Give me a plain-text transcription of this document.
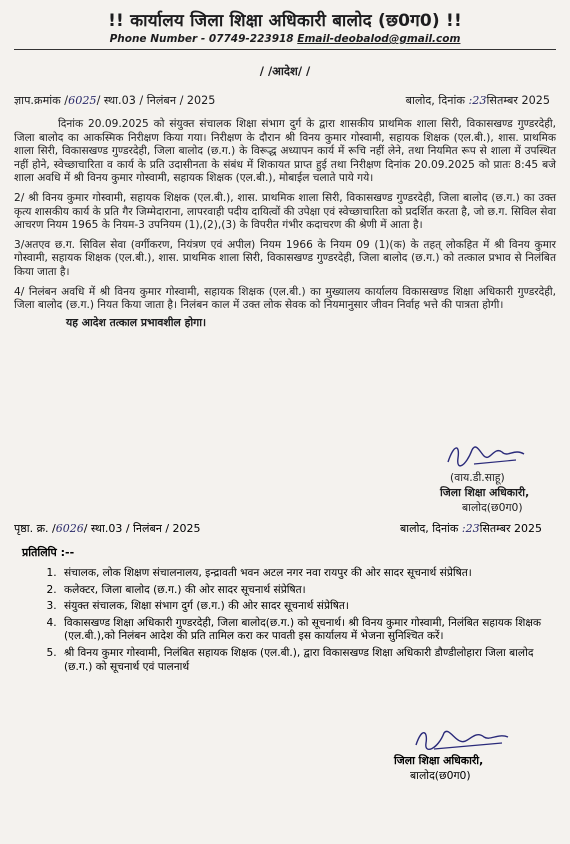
!! कार्यालय जिला शिक्षा अधिकारी बालोद (छ0ग0) !!
Phone Number - 07749-223918 Email-deobalod@gmail.com
/ /आदेश/ /
ज्ञाप.क्रमांक /6025/ स्था.03 / निलंबन / 2025	बालोद, दिनांक :23सितम्बर 2025

दिनांक 20.09.2025 को संयुक्त संचालक शिक्षा संभाग दुर्ग के द्वारा शासकीय प्राथमिक शाला सिरी, विकासखण्ड गुण्डरदेही, जिला बालोद का आकस्मिक निरीक्षण किया गया। निरीक्षण के दौरान श्री विनय कुमार गोस्वामी, सहायक शिक्षक (एल.बी.), शास. प्राथमिक शाला सिरी, विकासखण्ड गुण्डरदेही, जिला बालोद (छ.ग.) के विरूद्ध अध्यापन कार्य में रूचि नहीं लेने, तथा नियमित रूप से शाला में उपस्थित नहीं होने, स्वेच्छाचारिता व कार्य के प्रति उदासीनता के संबंध में शिकायत प्राप्त हुई तथा निरीक्षण दिनांक 20.09.2025 को प्रातः 8:45 बजे शाला अवधि में श्री विनय कुमार गोस्वामी, सहायक शिक्षक (एल.बी.), मोबाईल चलाते पाये गये।

2/ श्री विनय कुमार गोस्वामी, सहायक शिक्षक (एल.बी.), शास. प्राथमिक शाला सिरी, विकासखण्ड गुण्डरदेही, जिला बालोद (छ.ग.) का उक्त कृत्य शासकीय कार्य के प्रति गैर जिम्मेदाराना, लापरवाही पदीय दायित्वों की उपेक्षा एवं स्वेच्छाचारिता को प्रदर्शित करता है, जो छ.ग. सिविल सेवा आचरण नियम 1965 के नियम-3 उपनियम (1),(2),(3) के विपरीत गंभीर कदाचरण की श्रेणी में आता है।

3/अतएव छ.ग. सिविल सेवा (वर्गीकरण, नियंत्रण एवं अपील) नियम 1966 के नियम 09 (1)(क) के तहत् लोकहित में श्री विनय कुमार गोस्वामी, सहायक शिक्षक (एल.बी.), शास. प्राथमिक शाला सिरी, विकासखण्ड गुण्डरदेही, जिला बालोद (छ.ग.) को तत्काल प्रभाव से निलंबित किया जाता है।

4/ निलंबन अवधि में श्री विनय कुमार गोस्वामी, सहायक शिक्षक (एल.बी.) का मुख्यालय कार्यालय विकासखण्ड शिक्षा अधिकारी गुण्डरदेही, जिला बालोद (छ.ग.) नियत किया जाता है। निलंबन काल में उक्त लोक सेवक को नियमानुसार जीवन निर्वाह भत्ते की पात्रता होगी।

यह आदेश तत्काल प्रभावशील होगा।
(वाय.डी.साहू)
जिला शिक्षा अधिकारी,
बालोद(छ0ग0)
पृष्ठा. क्र. /6026/ स्था.03 / निलंबन / 2025	बालोद, दिनांक :23सितम्बर 2025
प्रतिलिपि :--
1. संचालक, लोक शिक्षण संचालनालय, इन्द्रावती भवन अटल नगर नवा रायपुर की ओर सादर सूचनार्थ संप्रेषित।
2. कलेक्टर, जिला बालोद (छ.ग.) की ओर सादर सूचनार्थ संप्रेषित।
3. संयुक्त संचालक, शिक्षा संभाग दुर्ग (छ.ग.) की ओर सादर सूचनार्थ संप्रेषित।
4. विकासखण्ड शिक्षा अधिकारी गुण्डरदेही, जिला बालोद(छ.ग.) को सूचनार्थ। श्री विनय कुमार गोस्वामी, निलंबित सहायक शिक्षक (एल.बी.),को निलंबन आदेश की प्रति तामिल करा कर पावती इस कार्यालय में भेजना सुनिश्चित करें।
5. श्री विनय कुमार गोस्वामी, निलंबित सहायक शिक्षक (एल.बी.), द्वारा विकासखण्ड शिक्षा अधिकारी डौण्डीलोहारा जिला बालोद (छ.ग.) को सूचनार्थ एवं पालनार्थ
जिला शिक्षा अधिकारी,
बालोद(छ0ग0)
